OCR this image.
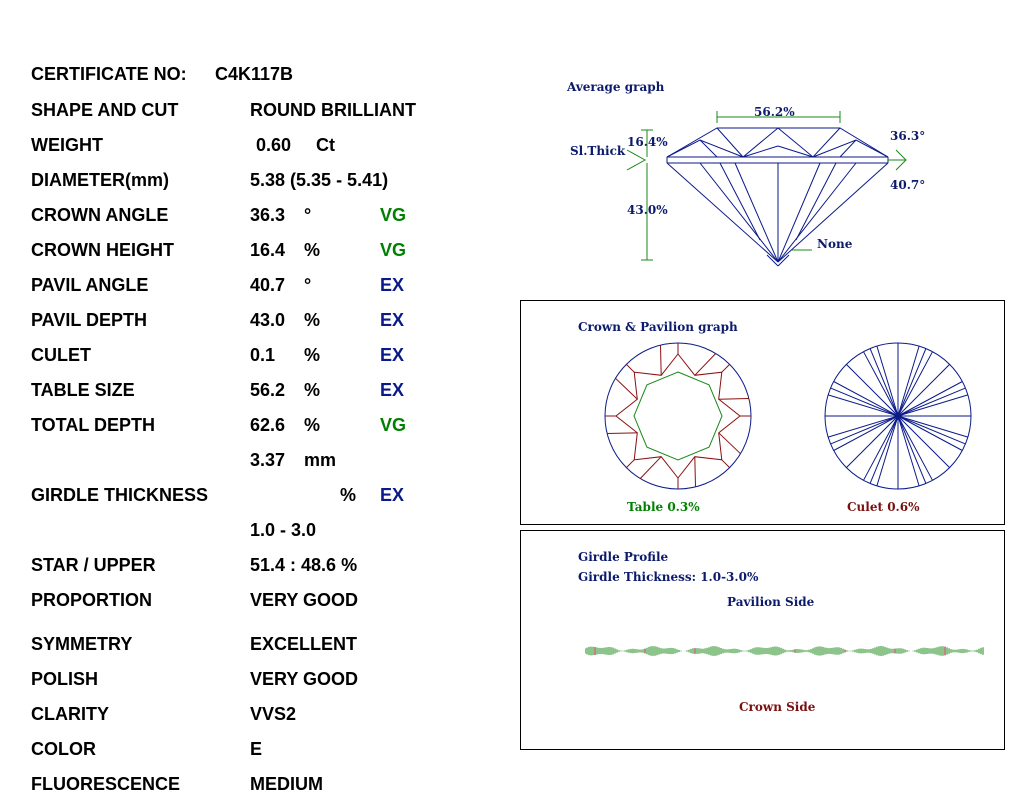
CERTIFICATE NO: C4K117B
SHAPE AND CUT	ROUND BRILLIANT
WEIGHT	0.60 Ct
DIAMETER(mm)	5.38 (5.35 - 5.41)
CROWN ANGLE	36.3 °	VG
CROWN HEIGHT	16.4 %	VG
PAVIL ANGLE	40.7 °	EX
PAVIL DEPTH	43.0 %	EX
CULET	0.1 %	EX
TABLE SIZE	56.2 %	EX
TOTAL DEPTH	62.6 %	VG
3.37 mm
GIRDLE THICKNESS	% EX
1.0 - 3.0
STAR / UPPER	51.4 : 48.6 %
PROPORTION	VERY GOOD
SYMMETRY	EXCELLENT
POLISH	VERY GOOD
CLARITY	VVS2
COLOR	E
FLUORESCENCE	MEDIUM
Average graph
56.2%
16.4%
Sl.Thick
36.3°
40.7°
43.0%
None
Crown & Pavilion graph
Table 0.3%	Culet 0.6%
Girdle Profile
Girdle Thickness: 1.0-3.0%
Pavilion Side
Crown Side
